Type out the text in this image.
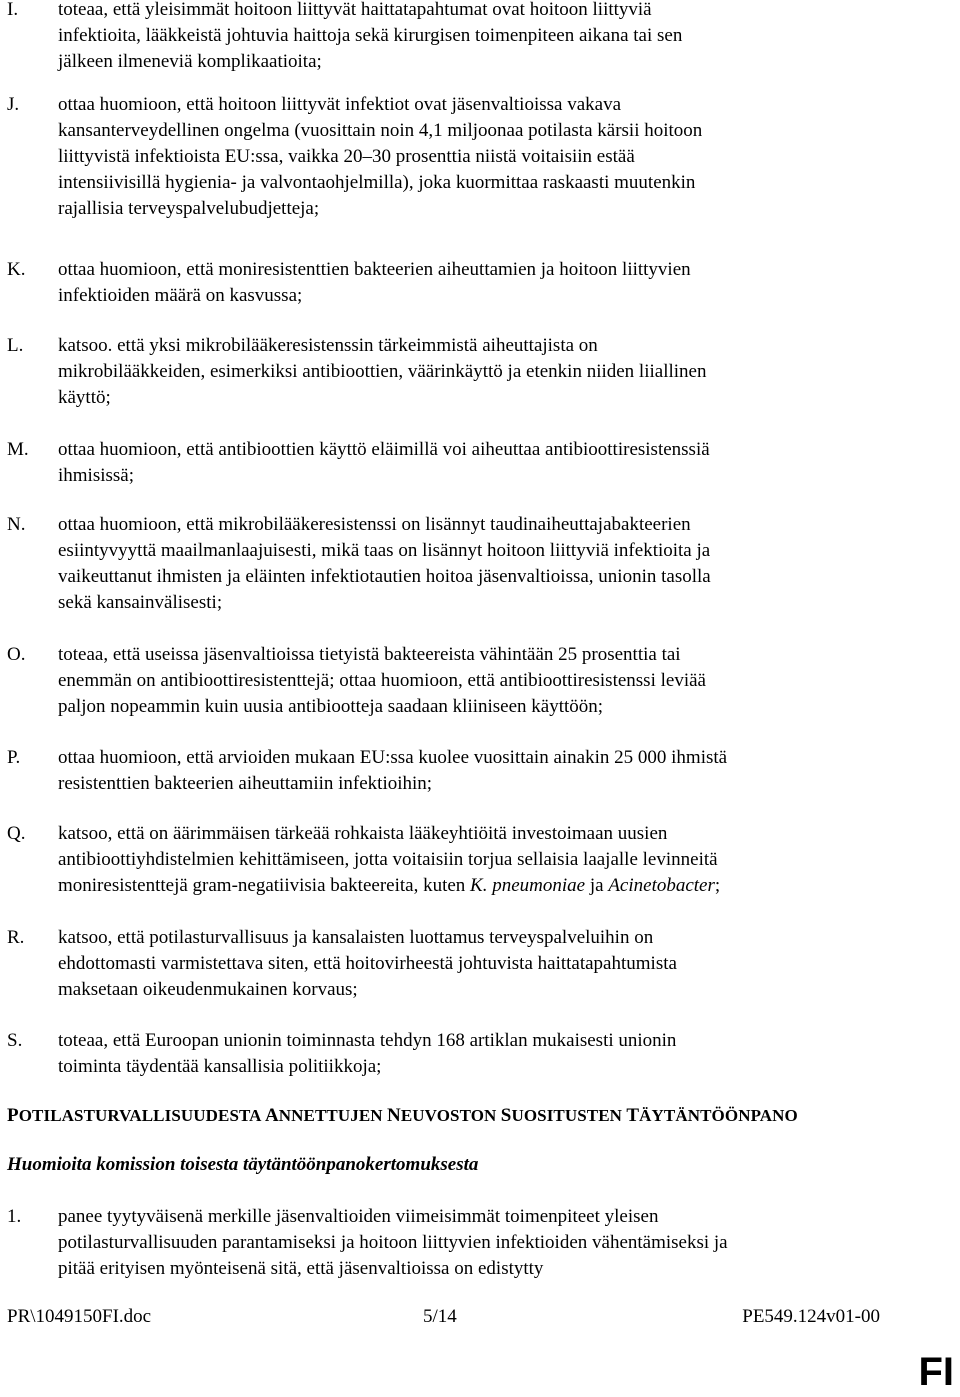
I. toteaa, että yleisimmät hoitoon liittyvät haittatapahtumat ovat hoitoon liittyviä
infektioita, lääkkeistä johtuvia haittoja sekä kirurgisen toimenpiteen aikana tai sen
jälkeen ilmeneviä komplikaatioita;
J. ottaa huomioon, että hoitoon liittyvät infektiot ovat jäsenvaltioissa vakava
kansanterveydellinen ongelma (vuosittain noin 4,1 miljoonaa potilasta kärsii hoitoon
liittyvistä infektioista EU:ssa, vaikka 20–30 prosenttia niistä voitaisiin estää
intensiivisillä hygienia- ja valvontaohjelmilla), joka kuormittaa raskaasti muutenkin
rajallisia terveyspalvelubudjetteja;
K. ottaa huomioon, että moniresistenttien bakteerien aiheuttamien ja hoitoon liittyvien
infektioiden määrä on kasvussa;
L. katsoo. että yksi mikrobilääkeresistenssin tärkeimmistä aiheuttajista on
mikrobilääkkeiden, esimerkiksi antibioottien, väärinkäyttö ja etenkin niiden liiallinen
käyttö;
M. ottaa huomioon, että antibioottien käyttö eläimillä voi aiheuttaa antibioottiresistenssiä
ihmisissä;
N. ottaa huomioon, että mikrobilääkeresistenssi on lisännyt taudinaiheuttajabakteerien
esiintyvyyttä maailmanlaajuisesti, mikä taas on lisännyt hoitoon liittyviä infektioita ja
vaikeuttanut ihmisten ja eläinten infektiotautien hoitoa jäsenvaltioissa, unionin tasolla
sekä kansainvälisesti;
O. toteaa, että useissa jäsenvaltioissa tietyistä bakteereista vähintään 25 prosenttia tai
enemmän on antibioottiresistenttejä; ottaa huomioon, että antibioottiresistenssi leviää
paljon nopeammin kuin uusia antibiootteja saadaan kliiniseen käyttöön;
P. ottaa huomioon, että arvioiden mukaan EU:ssa kuolee vuosittain ainakin 25 000 ihmistä
resistenttien bakteerien aiheuttamiin infektioihin;
Q. katsoo, että on äärimmäisen tärkeää rohkaista lääkeyhtiöitä investoimaan uusien
antibioottiyhdistelmien kehittämiseen, jotta voitaisiin torjua sellaisia laajalle levinneitä
moniresistenttejä gram-negatiivisia bakteereita, kuten K. pneumoniae ja Acinetobacter;
R. katsoo, että potilasturvallisuus ja kansalaisten luottamus terveyspalveluihin on
ehdottomasti varmistettava siten, että hoitovirheestä johtuvista haittatapahtumista
maksetaan oikeudenmukainen korvaus;
S. toteaa, että Euroopan unionin toiminnasta tehdyn 168 artiklan mukaisesti unionin
toiminta täydentää kansallisia politiikkoja;
POTILASTURVALLISUUDESTA ANNETTUJEN NEUVOSTON SUOSITUSTEN TÄYTÄNTÖÖNPANO
Huomioita komission toisesta täytäntöönpanokertomuksesta
1. panee tyytyväisenä merkille jäsenvaltioiden viimeisimmät toimenpiteet yleisen
potilasturvallisuuden parantamiseksi ja hoitoon liittyvien infektioiden vähentämiseksi ja
pitää erityisen myönteisenä sitä, että jäsenvaltioissa on edistytty
PR\1049150FI.doc	5/14	PE549.124v01-00
FI
